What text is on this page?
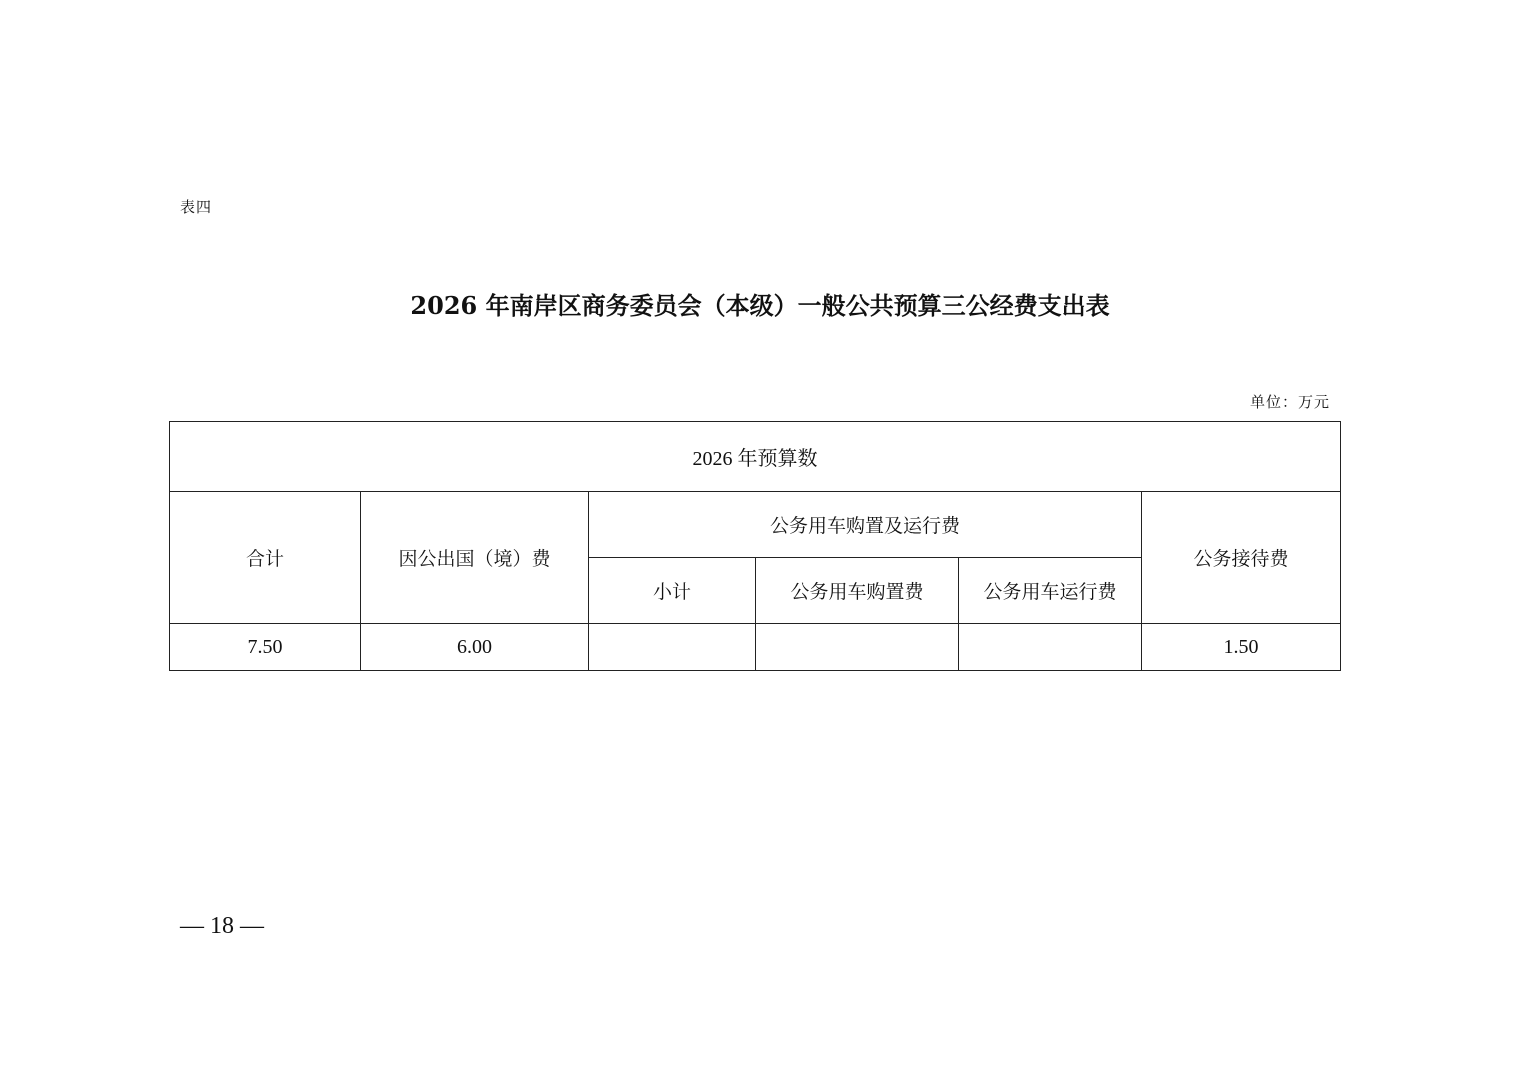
表四
2026 年南岸区商务委员会（本级）一般公共预算三公经费支出表
单位：万元
2026 年预算数					
合计	因公出国（境）费	公务用车购置及运行费			公务接待费
		小计	公务用车购置费	公务用车运行费	
7.50	6.00				1.50
— 18 —
